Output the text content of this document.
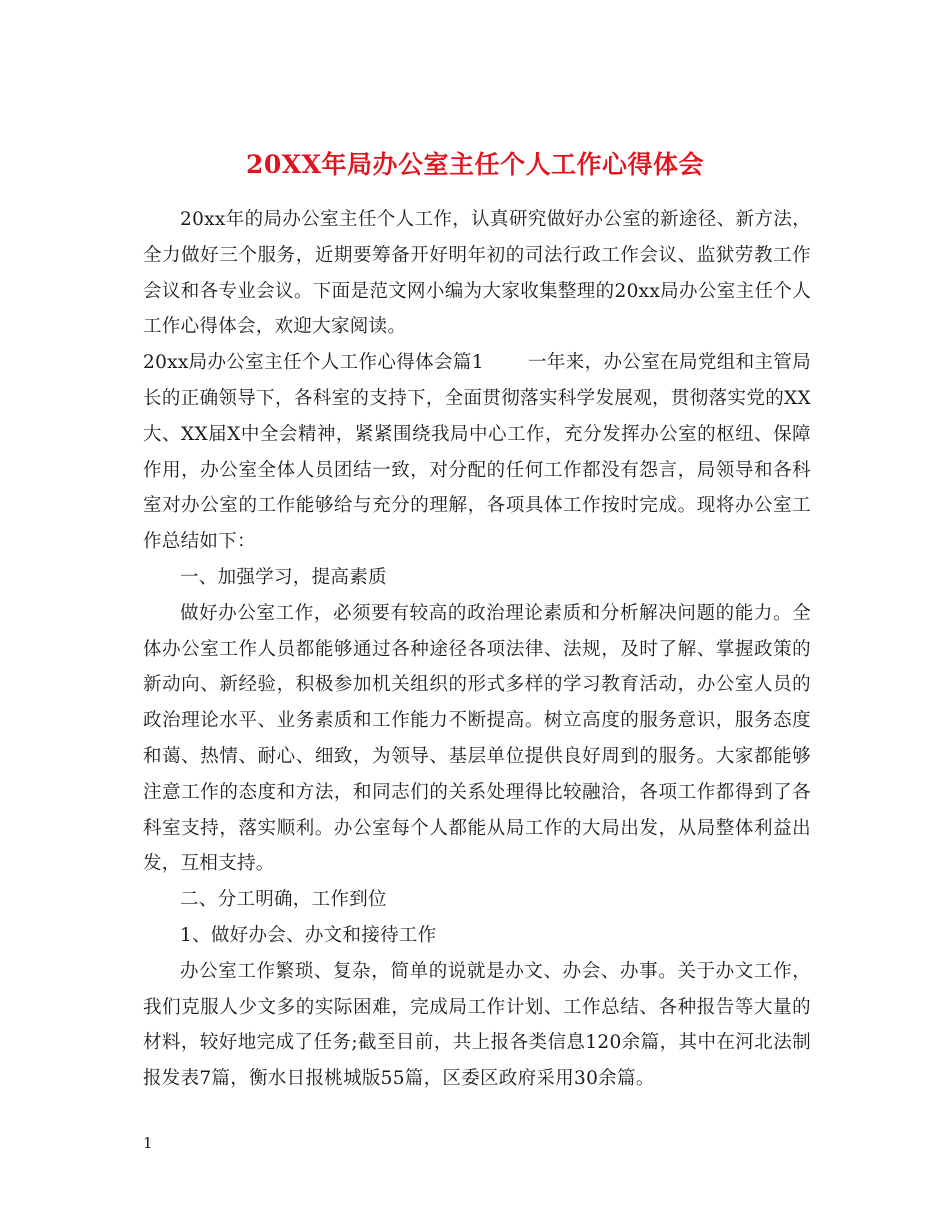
20XX年局办公室主任个人工作心得体会

20xx年的局办公室主任个人工作，认真研究做好办公室的新途径、新方法，全力做好三个服务，近期要筹备开好明年初的司法行政工作会议、监狱劳教工作会议和各专业会议。下面是范文网小编为大家收集整理的20xx局办公室主任个人工作心得体会，欢迎大家阅读。

20xx局办公室主任个人工作心得体会篇1 一年来，办公室在局党组和主管局长的正确领导下，各科室的支持下，全面贯彻落实科学发展观，贯彻落实党的XX大、XX届X中全会精神，紧紧围绕我局中心工作，充分发挥办公室的枢纽、保障作用，办公室全体人员团结一致，对分配的任何工作都没有怨言，局领导和各科室对办公室的工作能够给与充分的理解，各项具体工作按时完成。现将办公室工作总结如下：

一、加强学习，提高素质

做好办公室工作，必须要有较高的政治理论素质和分析解决问题的能力。全体办公室工作人员都能够通过各种途径各项法律、法规，及时了解、掌握政策的新动向、新经验，积极参加机关组织的形式多样的学习教育活动，办公室人员的政治理论水平、业务素质和工作能力不断提高。树立高度的服务意识，服务态度和蔼、热情、耐心、细致，为领导、基层单位提供良好周到的服务。大家都能够注意工作的态度和方法，和同志们的关系处理得比较融洽，各项工作都得到了各科室支持，落实顺利。办公室每个人都能从局工作的大局出发，从局整体利益出发，互相支持。

二、分工明确，工作到位

1、做好办会、办文和接待工作

办公室工作繁琐、复杂，简单的说就是办文、办会、办事。关于办文工作，我们克服人少文多的实际困难，完成局工作计划、工作总结、各种报告等大量的材料，较好地完成了任务;截至目前，共上报各类信息120余篇，其中在河北法制报发表7篇，衡水日报桃城版55篇，区委区政府采用30余篇。

1
